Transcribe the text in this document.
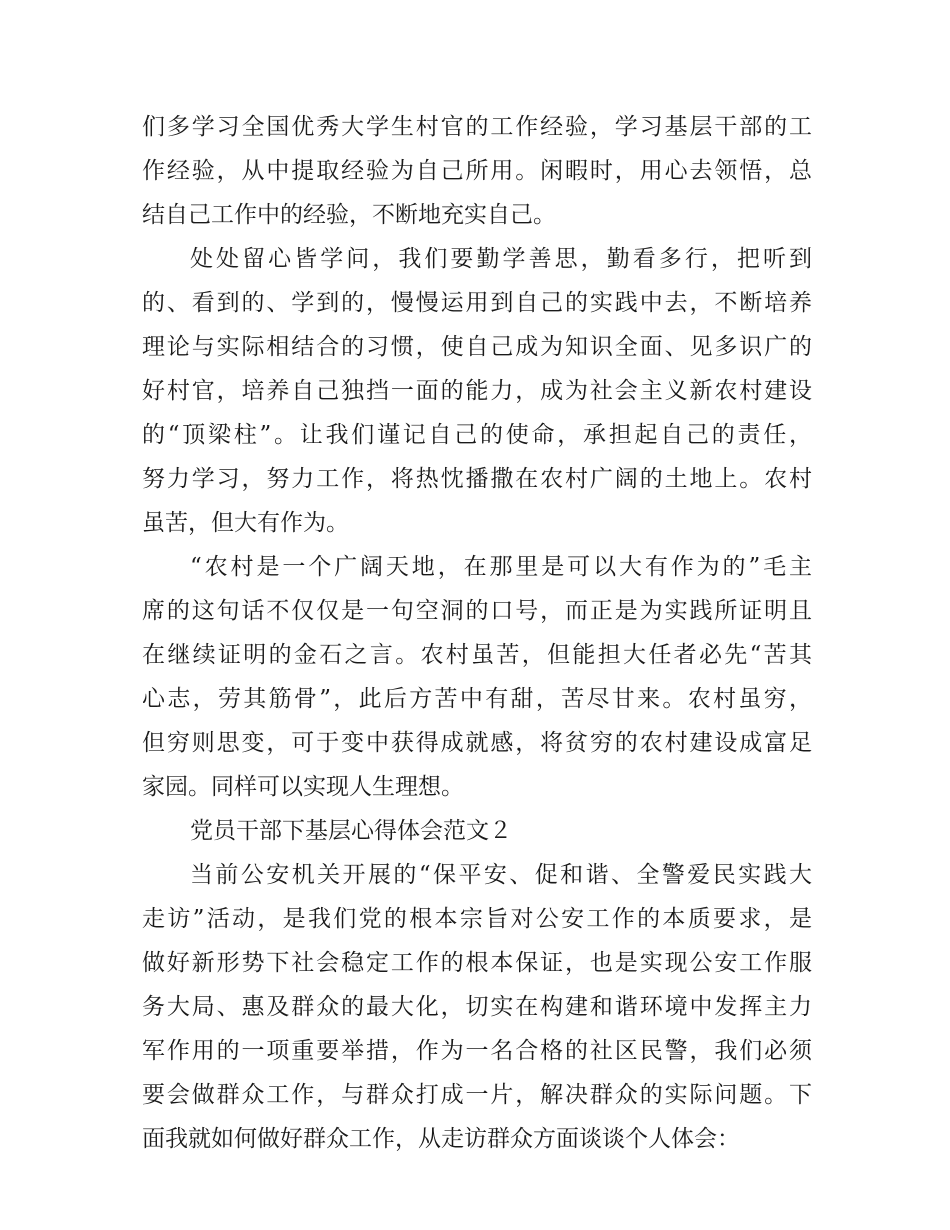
们多学习全国优秀大学生村官的工作经验，学习基层干部的工
作经验，从中提取经验为自己所用。闲暇时，用心去领悟，总
结自己工作中的经验，不断地充实自己。
处处留心皆学问，我们要勤学善思，勤看多行，把听到
的、看到的、学到的，慢慢运用到自己的实践中去，不断培养
理论与实际相结合的习惯，使自己成为知识全面、见多识广的
好村官，培养自己独挡一面的能力，成为社会主义新农村建设
的“顶梁柱”。让我们谨记自己的使命，承担起自己的责任，
努力学习，努力工作，将热忱播撒在农村广阔的土地上。农村
虽苦，但大有作为。
“农村是一个广阔天地，在那里是可以大有作为的”毛主
席的这句话不仅仅是一句空洞的口号，而正是为实践所证明且
在继续证明的金石之言。农村虽苦，但能担大任者必先“苦其
心志，劳其筋骨”，此后方苦中有甜，苦尽甘来。农村虽穷，
但穷则思变，可于变中获得成就感，将贫穷的农村建设成富足
家园。同样可以实现人生理想。
党员干部下基层心得体会范文２
当前公安机关开展的“保平安、促和谐、全警爱民实践大
走访”活动，是我们党的根本宗旨对公安工作的本质要求，是
做好新形势下社会稳定工作的根本保证，也是实现公安工作服
务大局、惠及群众的最大化，切实在构建和谐环境中发挥主力
军作用的一项重要举措，作为一名合格的社区民警，我们必须
要会做群众工作，与群众打成一片，解决群众的实际问题。下
面我就如何做好群众工作，从走访群众方面谈谈个人体会：
